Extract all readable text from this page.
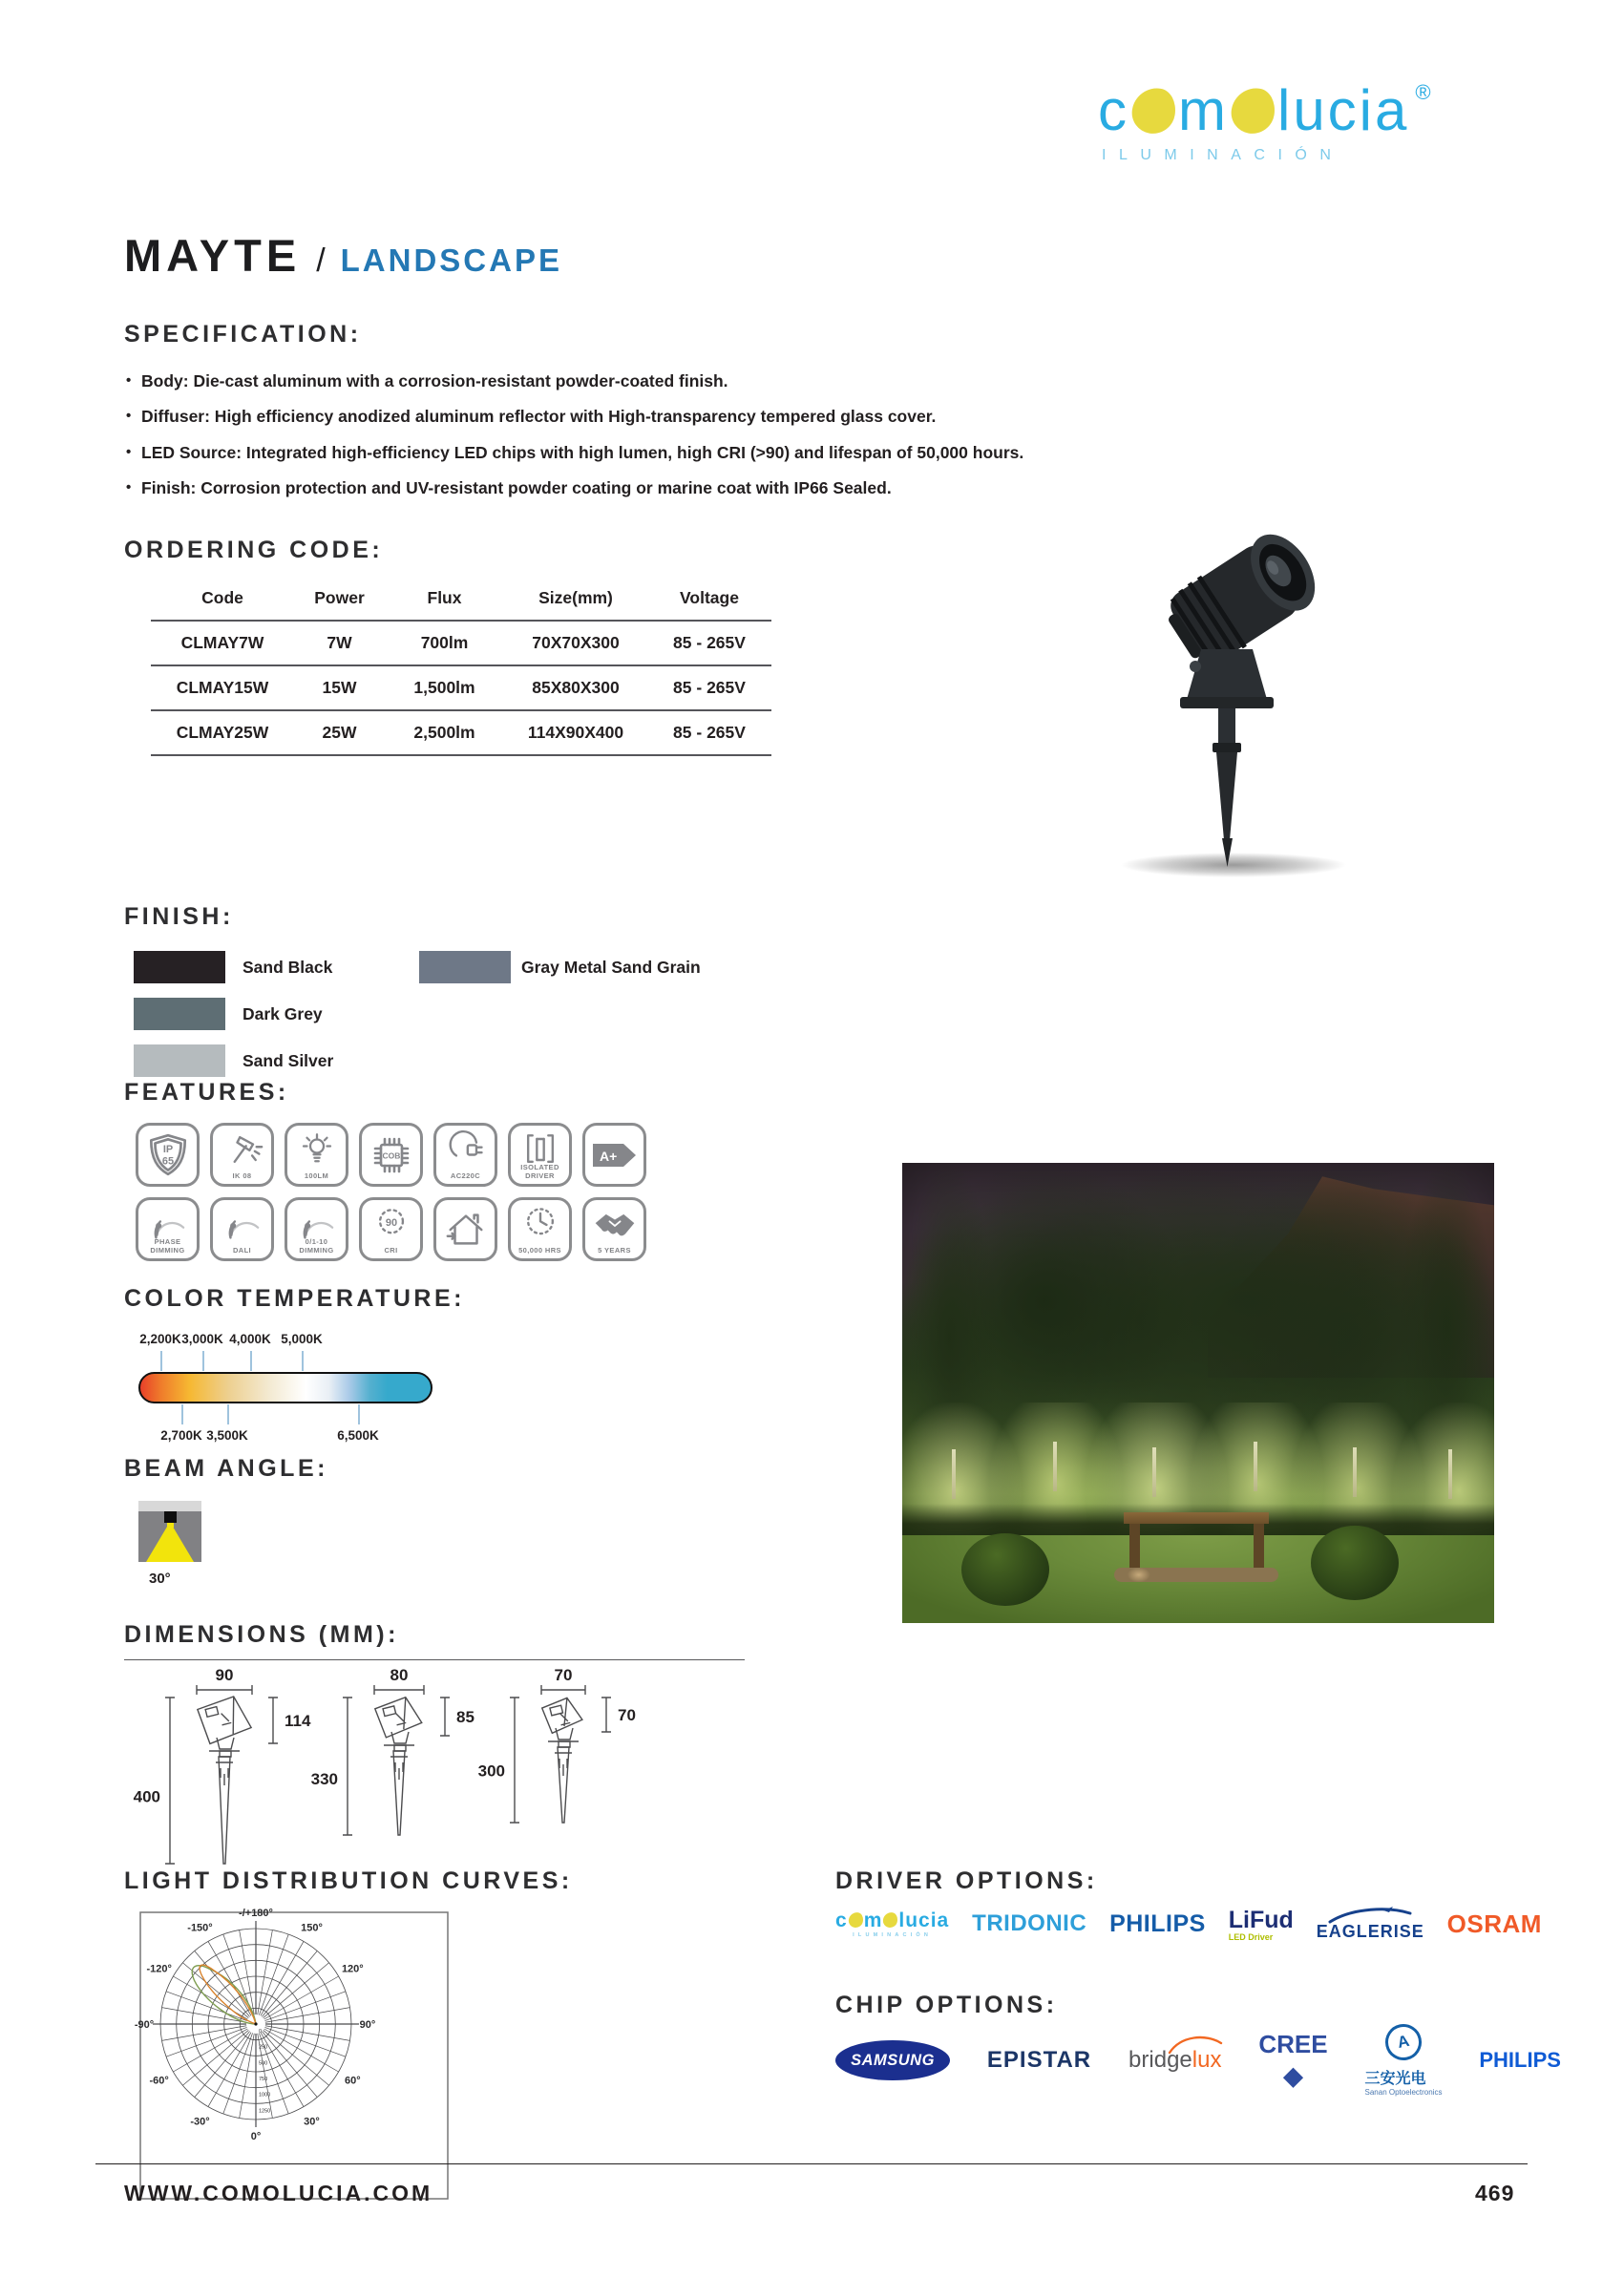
c m lucia ®
ILUMINACIÓN
MAYTE / LANDSCAPE
SPECIFICATION:
• Body: Die-cast aluminum with a corrosion-resistant powder-coated finish.
• Diffuser: High efficiency anodized aluminum reflector with High-transparency tempered glass cover.
• LED Source: Integrated high-efficiency LED chips with high lumen, high CRI (>90) and lifespan of 50,000 hours.
• Finish: Corrosion protection and UV-resistant powder coating or marine coat with IP66 Sealed.
ORDERING CODE:
Code	Power	Flux	Size(mm)	Voltage
CLMAY7W	7W	700lm	70X70X300	85 - 265V
CLMAY15W	15W	1,500lm	85X80X300	85 - 265V
CLMAY25W	25W	2,500lm	114X90X400	85 - 265V
FINISH:
Sand Black
Dark Grey
Sand Silver
Gray Metal Sand Grain
FEATURES:
IP
65
IK 08	100LM
COB
AC220C
ISOLATED DRIVER
A+
PHASE DIMMING	DALI
0/1-10 DIMMING
90
CRI	50,000 HRS	5 YEARS
COLOR TEMPERATURE:
2,200K 3,000K 4,000K 5,000K
2,700K 3,500K	6,500K
BEAM ANGLE:
30°
DIMENSIONS (MM):
90
114
400
80
85
330
70
70
300
LIGHT DISTRIBUTION CURVES:
-/+180°
150°
-150°
120°
-120°
90°
-90°
60°
-60°
30°
-30°
0°
0
250
500
750
1000
1250
DRIVER OPTIONS:
c m lucia
ILUMINACIÓN TRIDONIC PHILIPS LiFud
LED Driver	EAGLERISE OSRAM
CHIP OPTIONS:
SAMSUNG EPISTAR bridgelux
CREE
◆
A
三安光电
Sanan Optoelectronics
PHILIPS
WWW.COMOLUCIA.COM	469
